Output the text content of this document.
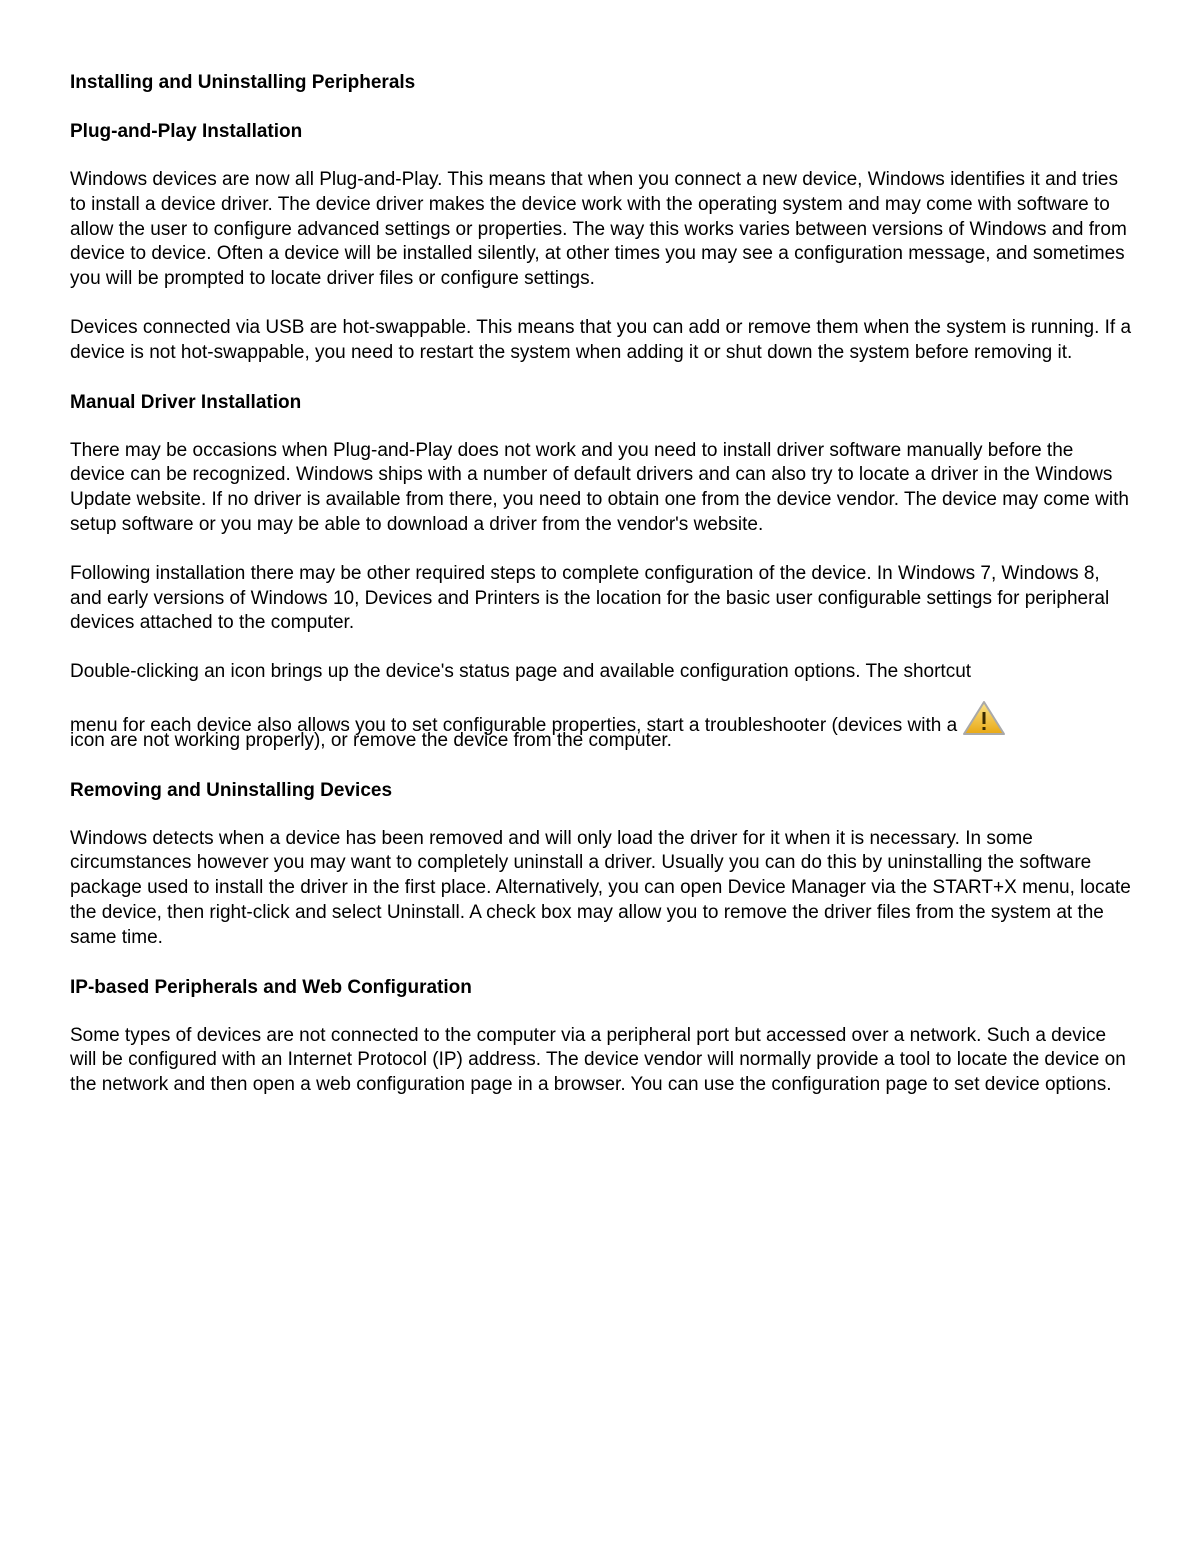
Installing and Uninstalling Peripherals
Plug-and-Play Installation

Windows devices are now all Plug-and-Play. This means that when you connect a new device, Windows identifies it and tries to install a device driver. The device driver makes the device work with the operating system and may come with software to allow the user to configure advanced settings or properties. The way this works varies between versions of Windows and from device to device. Often a device will be installed silently, at other times you may see a configuration message, and sometimes you will be prompted to locate driver files or configure settings.

Devices connected via USB are hot-swappable. This means that you can add or remove them when the system is running. If a device is not hot-swappable, you need to restart the system when adding it or shut down the system before removing it.

Manual Driver Installation

There may be occasions when Plug-and-Play does not work and you need to install driver software manually before the device can be recognized. Windows ships with a number of default drivers and can also try to locate a driver in the Windows Update website. If no driver is available from there, you need to obtain one from the device vendor. The device may come with setup software or you may be able to download a driver from the vendor's website.

Following installation there may be other required steps to complete configuration of the device. In Windows 7, Windows 8, and early versions of Windows 10, Devices and Printers is the location for the basic user configurable settings for peripheral devices attached to the computer.

Double-clicking an icon brings up the device's status page and available configuration options. The shortcut
menu for each device also allows you to set configurable properties, start a troubleshooter (devices with a
icon are not working properly), or remove the device from the computer.
Removing and Uninstalling Devices

Windows detects when a device has been removed and will only load the driver for it when it is necessary. In some circumstances however you may want to completely uninstall a driver. Usually you can do this by uninstalling the software package used to install the driver in the first place. Alternatively, you can open Device Manager via the START+X menu, locate the device, then right-click and select Uninstall. A check box may allow you to remove the driver files from the system at the same time.

IP-based Peripherals and Web Configuration

Some types of devices are not connected to the computer via a peripheral port but accessed over a network. Such a device will be configured with an Internet Protocol (IP) address. The device vendor will normally provide a tool to locate the device on the network and then open a web configuration page in a browser. You can use the configuration page to set device options.
